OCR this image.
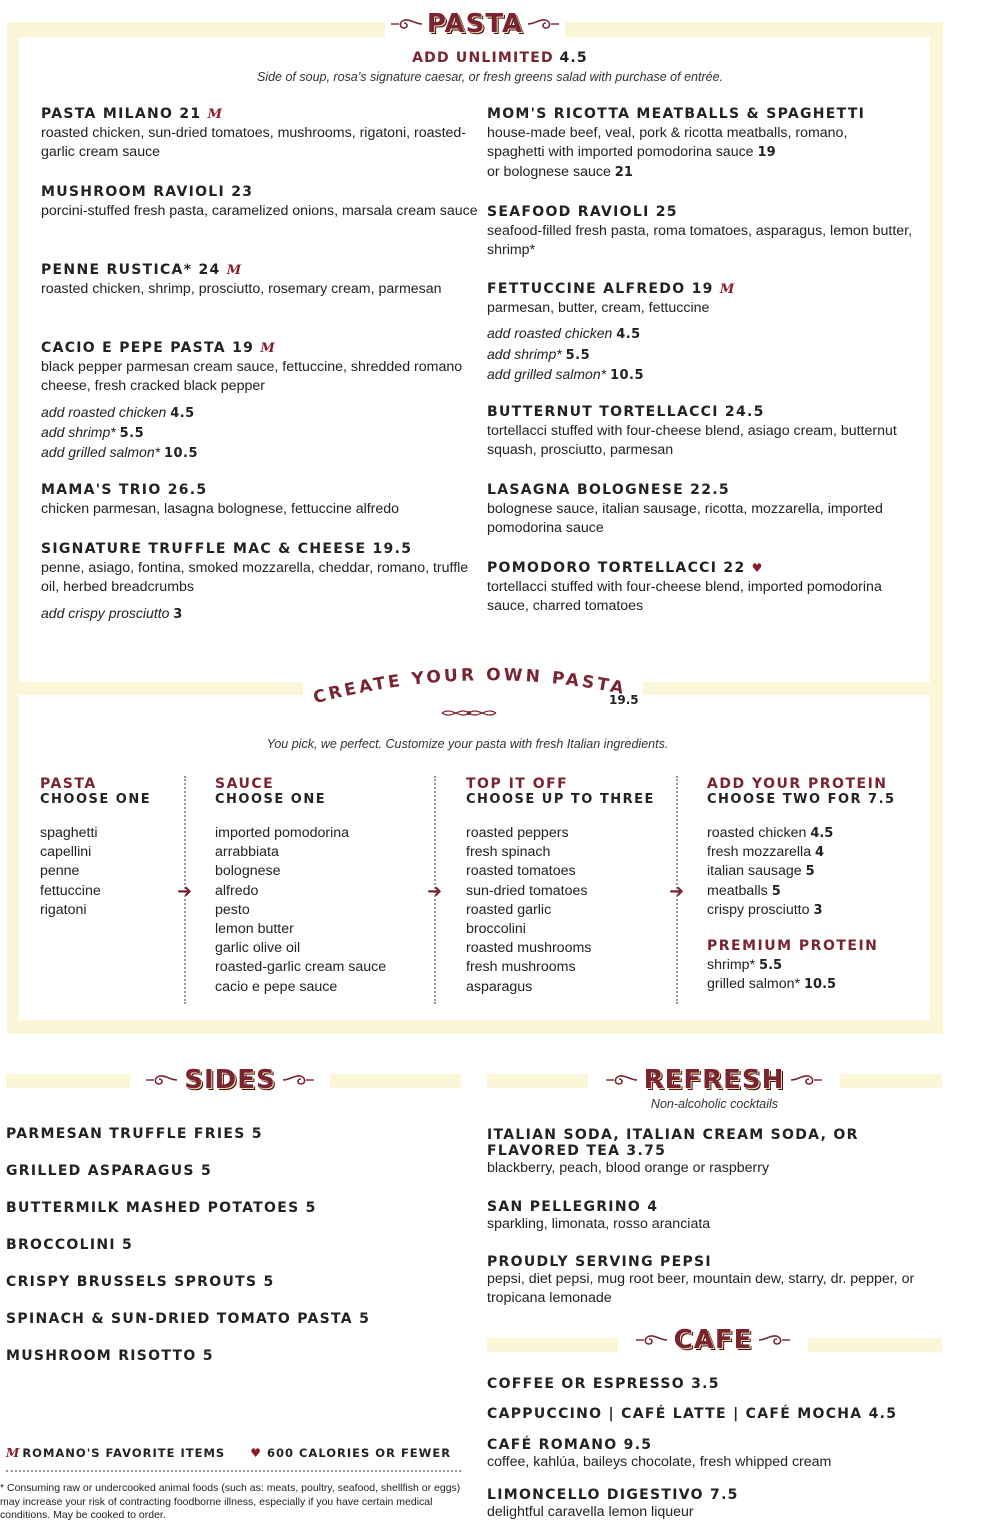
PASTA
ADD UNLIMITED 4.5
Side of soup, rosa’s signature caesar, or fresh greens salad with purchase of entrée.
PASTA MILANO 21 M
roasted chicken, sun-dried tomatoes, mushrooms, rigatoni, roasted-garlic cream sauce
MUSHROOM RAVIOLI 23
porcini-stuffed fresh pasta, caramelized onions, marsala cream sauce
PENNE RUSTICA* 24 M
roasted chicken, shrimp, prosciutto, rosemary cream, parmesan
CACIO E PEPE PASTA 19 M
black pepper parmesan cream sauce, fettuccine, shredded romano cheese, fresh cracked black pepper
add roasted chicken 4.5
add shrimp* 5.5
add grilled salmon* 10.5
MAMA'S TRIO 26.5
chicken parmesan, lasagna bolognese, fettuccine alfredo
SIGNATURE TRUFFLE MAC & CHEESE 19.5
penne, asiago, fontina, smoked mozzarella, cheddar, romano, truffle oil, herbed breadcrumbs
add crispy prosciutto 3
MOM'S RICOTTA MEATBALLS & SPAGHETTI
house-made beef, veal, pork & ricotta meatballs, romano,
spaghetti with imported pomodorina sauce 19
or bolognese sauce 21
SEAFOOD RAVIOLI 25
seafood-filled fresh pasta, roma tomatoes, asparagus, lemon butter, shrimp*
FETTUCCINE ALFREDO 19 M
parmesan, butter, cream, fettuccine
add roasted chicken 4.5
add shrimp* 5.5
add grilled salmon* 10.5
BUTTERNUT TORTELLACCI 24.5
tortellacci stuffed with four-cheese blend, asiago cream, butternut squash, prosciutto, parmesan
LASAGNA BOLOGNESE 22.5
bolognese sauce, italian sausage, ricotta, mozzarella, imported pomodorina sauce
POMODORO TORTELLACCI 22 ♥
tortellacci stuffed with four-cheese blend, imported pomodorina sauce, charred tomatoes
CREATE YOUR OWN PASTA
19.5
You pick, we perfect. Customize your pasta with fresh Italian ingredients.
PASTA
CHOOSE ONE
spaghetti
capellini
penne
fettuccine
rigatoni
➜
SAUCE
CHOOSE ONE
imported pomodorina
arrabbiata
bolognese
alfredo
pesto
lemon butter
garlic olive oil
roasted-garlic cream sauce
cacio e pepe sauce
➜
TOP IT OFF
CHOOSE UP TO THREE
roasted peppers
fresh spinach
roasted tomatoes
sun-dried tomatoes
roasted garlic
broccolini
roasted mushrooms
fresh mushrooms
asparagus
➜
ADD YOUR PROTEIN
CHOOSE TWO FOR 7.5
roasted chicken 4.5
fresh mozzarella 4
italian sausage 5
meatballs 5
crispy prosciutto 3
PREMIUM PROTEIN
shrimp* 5.5
grilled salmon* 10.5
SIDES
PARMESAN TRUFFLE FRIES 5
GRILLED ASPARAGUS 5
BUTTERMILK MASHED POTATOES 5
BROCCOLINI 5
CRISPY BRUSSELS SPROUTS 5
SPINACH & SUN-DRIED TOMATO PASTA 5
MUSHROOM RISOTTO 5
REFRESH
Non-alcoholic cocktails
ITALIAN SODA, ITALIAN CREAM SODA, OR
FLAVORED TEA 3.75
blackberry, peach, blood orange or raspberry
SAN PELLEGRINO 4
sparkling, limonata, rosso aranciata
PROUDLY SERVING PEPSI
pepsi, diet pepsi, mug root beer, mountain dew, starry, dr. pepper, or tropicana lemonade
CAFE
COFFEE OR ESPRESSO 3.5
CAPPUCCINO | CAFÉ LATTE | CAFÉ MOCHA 4.5
CAFÉ ROMANO 9.5
coffee, kahlúa, baileys chocolate, fresh whipped cream
LIMONCELLO DIGESTIVO 7.5
delightful caravella lemon liqueur
M ROMANO'S FAVORITE ITEMS ♥ 600 CALORIES OR FEWER
* Consuming raw or undercooked animal foods (such as: meats, poultry, seafood, shellfish or eggs) may increase your risk of contracting foodborne illness, especially if you have certain medical conditions. May be cooked to order.
